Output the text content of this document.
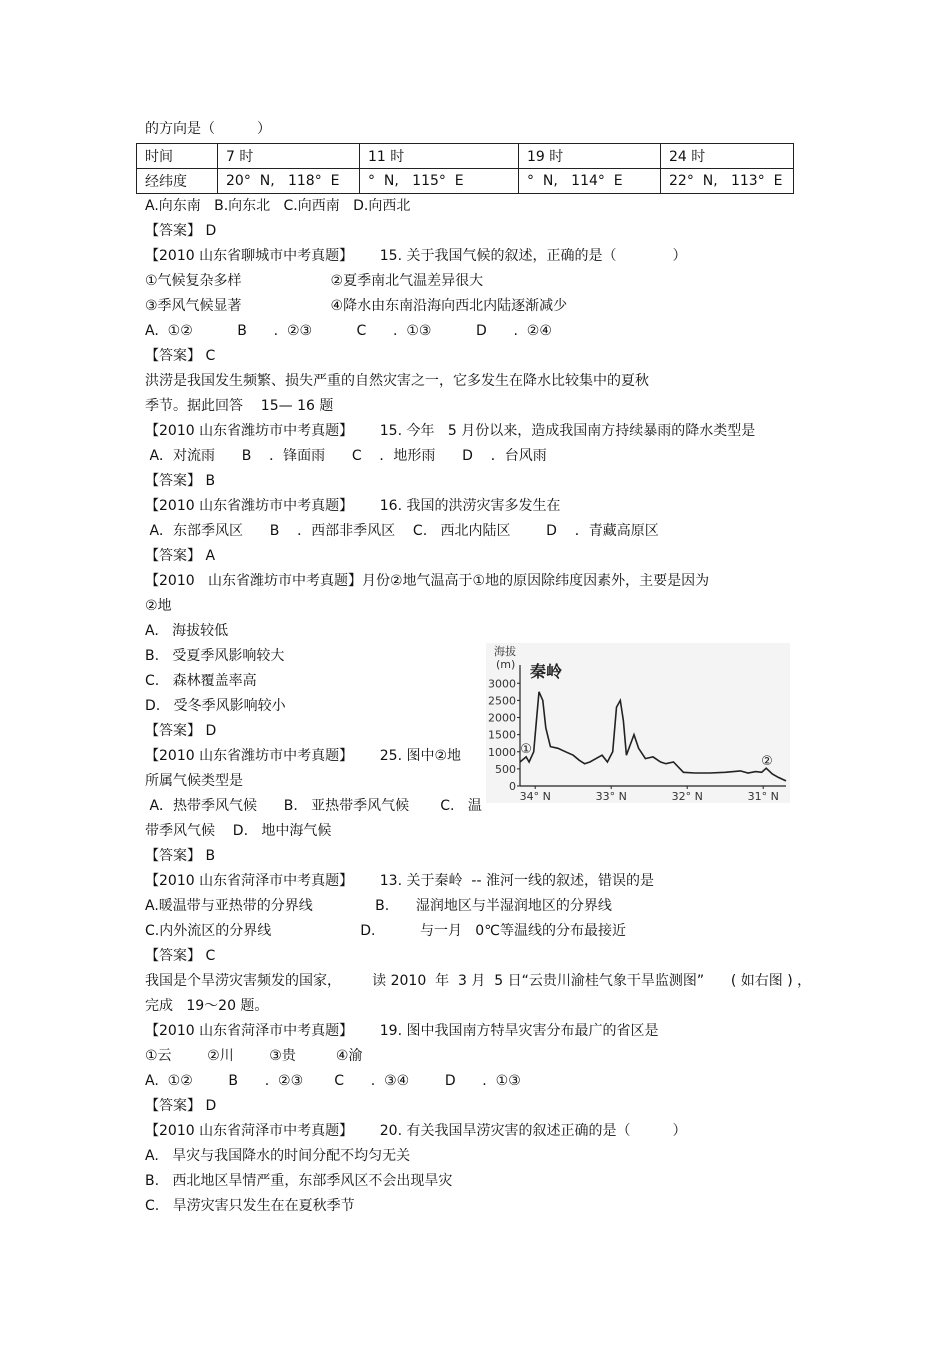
的方向是（　　　）
时间	7 时	11 时	19 时	24 时
经纬度	20°  N,   118°  E	°  N,   115°  E	°  N,   114°  E	22°  N,   113°  E
A.向东南   B.向东北   C.向西南   D.向西北
【答案】 D
【2010 山东省聊城市中考真题】      15. 关于我国气候的叙述，正确的是（　　　　）
①气候复杂多样                    ②夏季南北气温差异很大
③季风气候显著                    ④降水由东南沿海向西北内陆逐渐减少
A.  ①②          B      .  ②③          C      .  ①③          D      .  ②④
【答案】 C
洪涝是我国发生频繁、损失严重的自然灾害之一，它多发生在降水比较集中的夏秋
季节。据此回答    15— 16 题
【2010 山东省潍坊市中考真题】      15. 今年   5 月份以来，造成我国南方持续暴雨的降水类型是
A．对流雨      B    ．锋面雨      C    ．地形雨      D    ．台风雨
【答案】 B
【2010 山东省潍坊市中考真题】      16. 我国的洪涝灾害多发生在
A．东部季风区      B    ．西部非季风区    C.   西北内陆区        D    ．青藏高原区
【答案】 A
【2010   山东省潍坊市中考真题】月份②地气温高于①地的原因除纬度因素外，主要是因为
②地
A.   海拔较低
B.   受夏季风影响较大
C.   森林覆盖率高
D.   受冬季风影响较小
【答案】 D
【2010 山东省潍坊市中考真题】      25. 图中②地
所属气候类型是
A．热带季风气候      B.   亚热带季风气候       C.   温
带季风气候    D.   地中海气候
【答案】 B
【2010 山东省菏泽市中考真题】      13. 关于秦岭  -- 淮河一线的叙述，错误的是
A.暖温带与亚热带的分界线              B.      湿润地区与半湿润地区的分界线
C.内外流区的分界线                    D.          与一月   0℃等温线的分布最接近
【答案】 C
我国是个旱涝灾害频发的国家，       读 2010  年  3 月  5 日“云贵川渝桂气象干旱监测图”      ( 如右图 ) ，
完成   19～20 题。
【2010 山东省菏泽市中考真题】      19. 图中我国南方特旱灾害分布最广的省区是
①云        ②川        ③贵         ④渝
A.  ①②        B      .  ②③       C      .  ③④        D      .  ①③
【答案】 D
【2010 山东省菏泽市中考真题】      20. 有关我国旱涝灾害的叙述正确的是（　　　）
A.   旱灾与我国降水的时间分配不均匀无关
B.   西北地区旱情严重，东部季风区不会出现旱灾
C.   旱涝灾害只发生在在夏秋季节
海拔
(m) 秦岭
0
500
1000
1500
2000
2500
3000
34° N	33° N	32° N	31° N
①
②
